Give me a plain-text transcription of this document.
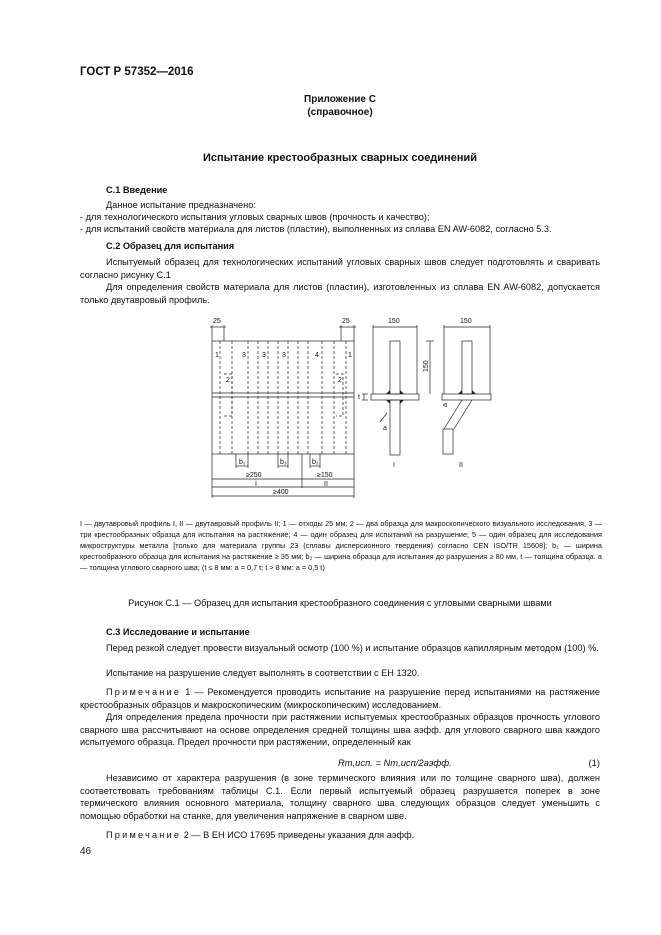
ГОСТ Р 57352—2016
Приложение С
(справочное)
Испытание крестообразных сварных соединений
С.1 Введение
Данное испытание предназначено:
- для технологического испытания угловых сварных швов (прочность и качество);
- для испытаний свойств материала для листов (пластин), выполненных из сплава EN AW-6082, согласно 5.3.
С.2 Образец для испытания
Испытуемый образец для технологических испытаний угловых сварных швов следует подготовлять и сваривать согласно рисунку С.1
Для определения свойств материала для листов (пластин), изготовленных из сплава EN AW-6082, допускается только двутавровый профиль.
25	25	150	150
150
1
2
3 3 3	4	1
2
b₁	b₃	b₂
≥250	≥150
I	II
≥400
t
a
a
I	II
I — двутавровый профиль I, II — двутавровый профиль II; 1 — отходы 25 мм; 2 — два образца для макроскопического визуального исследования, 3 — три крестообразных образца для испытания на растяжение; 4 — один образец для испытаний на разрушение; 5 — один образец для исследования микроструктуры металла [только для материала группы 23 (сплавы дисперсионного твердения) согласно CEN ISO/TR 15608]; b₁ — ширина крестообразного образца для испытания на растяжение ≥ 35 мм; b₂ — ширина образца для испытания до разрушения ≥ 80 мм, t — толщина образца. a — толщина углового сварного шва; (t ≤ 8 мм: a = 0,7 t; t > 8 мм: a = 0,5 t)
Рисунок С.1 — Образец для испытания крестообразного соединения с угловыми сварными швами
С.3 Исследование и испытание
Перед резкой следует провести визуальный осмотр (100 %) и испытание образцов капиллярным методом (100) %.
Испытание на разрушение следует выполнять в соответствии с ЕН 1320.
Примечание 1 — Рекомендуется проводить испытание на разрушение перед испытаниями на растяжение крестообразных образцов и макроскопическим (микроскопическим) исследованием.
Для определения предела прочности при растяжении испытуемых крестообразных образцов прочность углового сварного шва рассчитывают на основе определения средней толщины шва aэфф. для углового сварного шва каждого испытуемого образца. Предел прочности при растяжении, определенный как
Rm,исп. = Nm,исп/2aэфф.	(1)
Независимо от характера разрушения (в зоне термического влияния или по толщине сварного шва), должен соответствовать требованиям таблицы С.1. Если первый испытуемый образец разрушается поперек в зоне термического влияния основного материала, толщину сварного шва следующих образцов следует уменьшить с помощью обработки на станке, для увеличения напряжение в сварном шве.
Примечание 2 — В ЕН ИСО 17695 приведены указания для aэфф.
46
